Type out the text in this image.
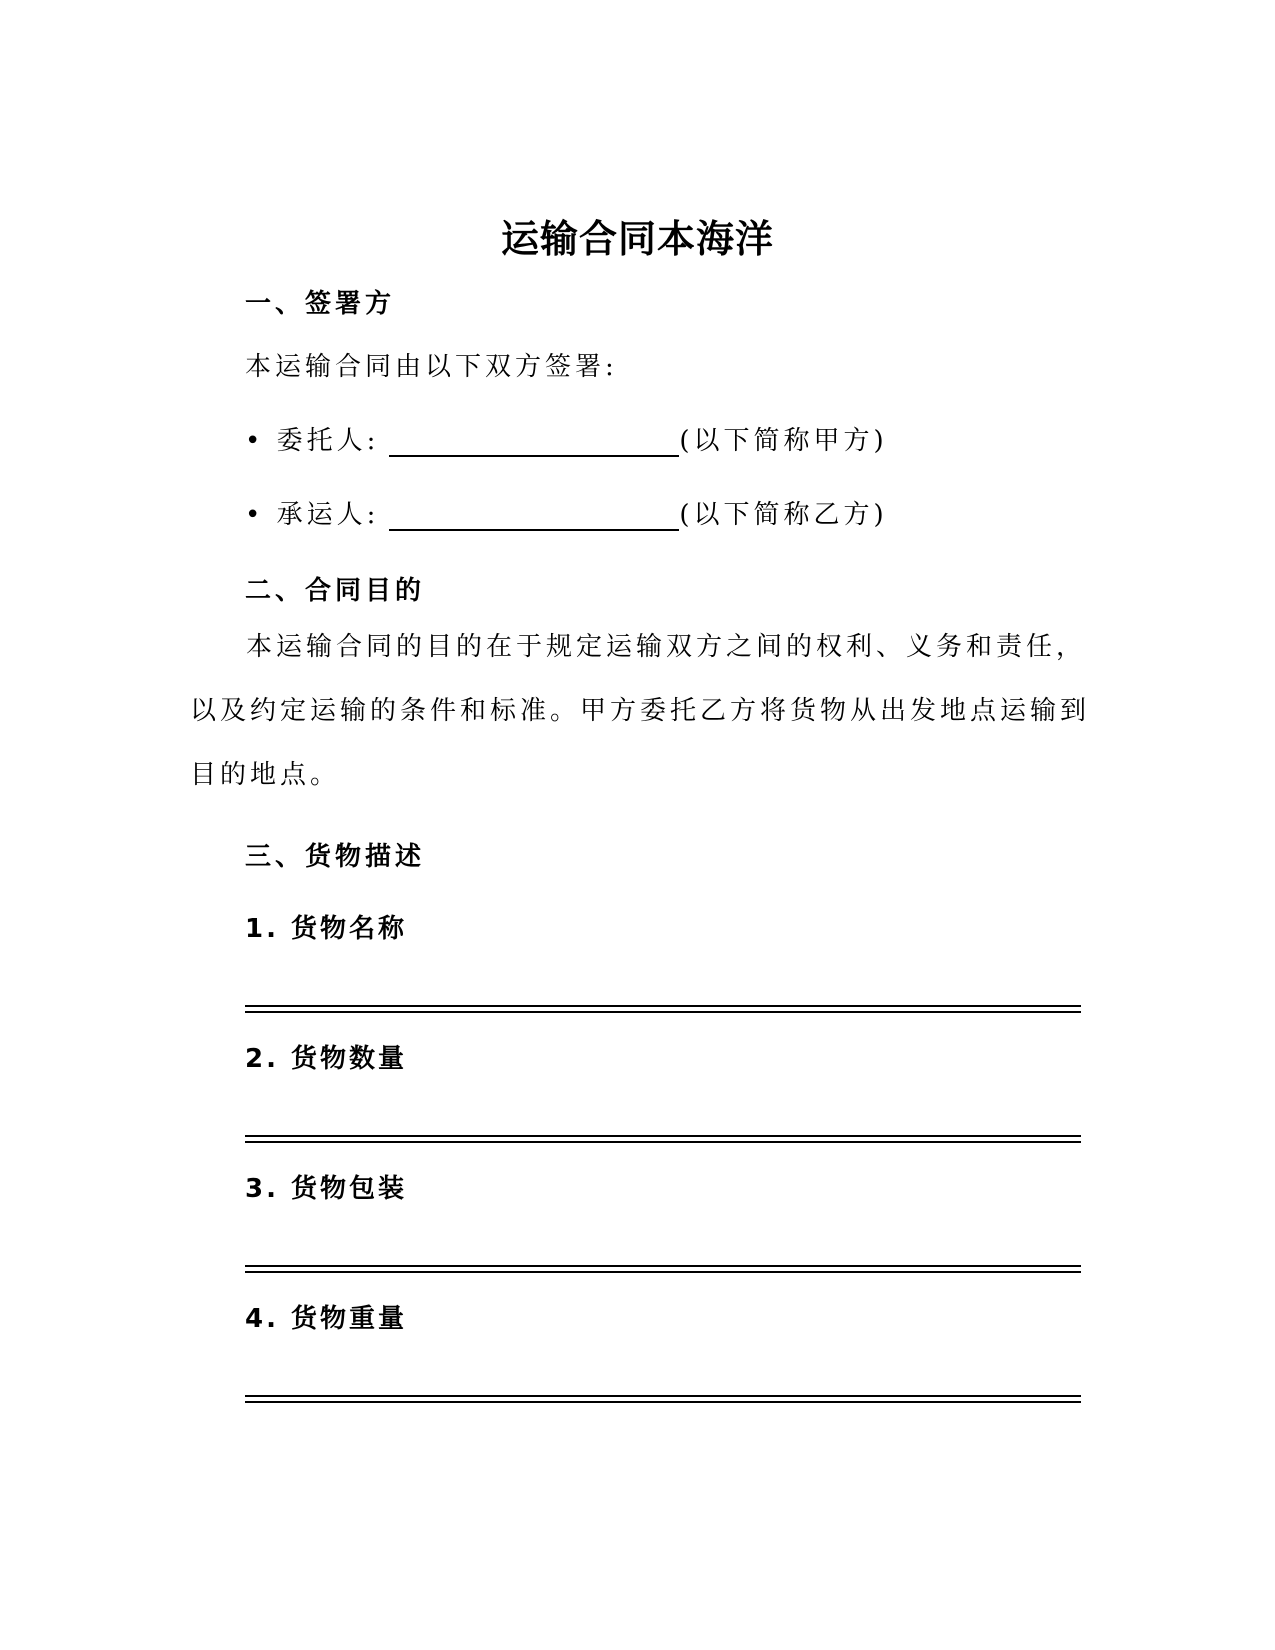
运输合同本海洋
一、签署方
本运输合同由以下双方签署:
• 委托人:	(以下简称甲方)
• 承运人:	(以下简称乙方)
二、合同目的
本运输合同的目的在于规定运输双方之间的权利、义务和责任，以及约定运输的条件和标准。甲方委托乙方将货物从出发地点运输到目的地点。
三、货物描述
1. 货物名称
2. 货物数量
3. 货物包装
4. 货物重量
